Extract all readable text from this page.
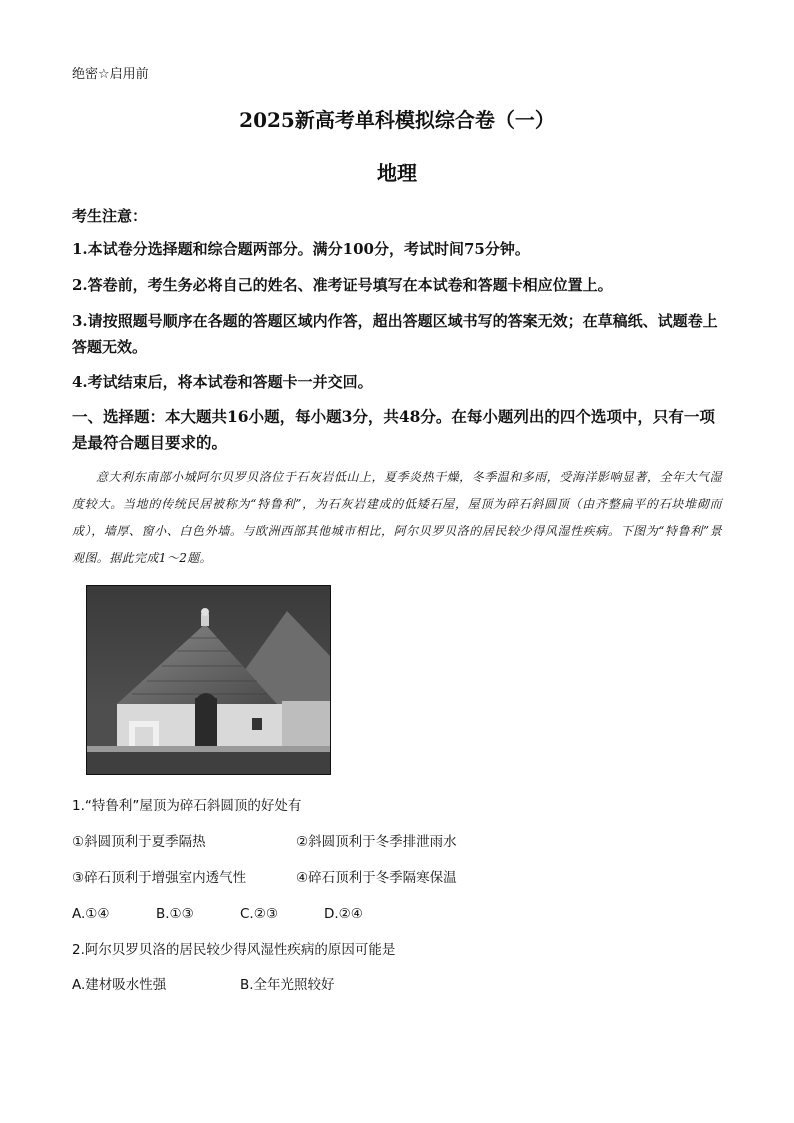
绝密☆启用前
2025新高考单科模拟综合卷（一）
地理
考生注意：
1.本试卷分选择题和综合题两部分。满分100分，考试时间75分钟。
2.答卷前，考生务必将自己的姓名、准考证号填写在本试卷和答题卡相应位置上。
3.请按照题号顺序在各题的答题区域内作答，超出答题区域书写的答案无效；在草稿纸、试题卷上答题无效。
4.考试结束后，将本试卷和答题卡一并交回。
一、选择题：本大题共16小题，每小题3分，共48分。在每小题列出的四个选项中，只有一项是最符合题目要求的。
意大利东南部小城阿尔贝罗贝洛位于石灰岩低山上，夏季炎热干燥，冬季温和多雨，受海洋影响显著，全年大气湿度较大。当地的传统民居被称为“特鲁利”，为石灰岩建成的低矮石屋，屋顶为碎石斜圆顶（由齐整扁平的石块堆砌而成），墙厚、窗小、白色外墙。与欧洲西部其他城市相比，阿尔贝罗贝洛的居民较少得风湿性疾病。下图为“特鲁利”景观图。据此完成1～2题。
1.“特鲁利”屋顶为碎石斜圆顶的好处有
①斜圆顶利于夏季隔热	②斜圆顶利于冬季排泄雨水
③碎石顶利于增强室内透气性	④碎石顶利于冬季隔寒保温
A.①④	B.①③	C.②③	D.②④
2.阿尔贝罗贝洛的居民较少得风湿性疾病的原因可能是
A.建材吸水性强	B.全年光照较好
